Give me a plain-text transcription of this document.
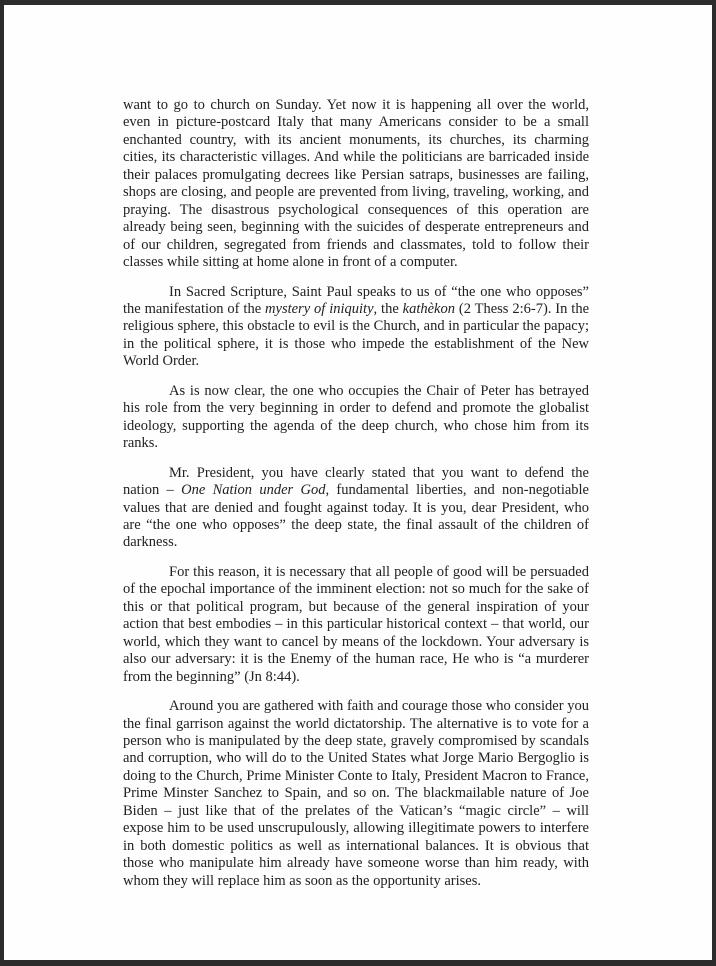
want to go to church on Sunday. Yet now it is happening all over the world, even in picture-postcard Italy that many Americans consider to be a small enchanted country, with its ancient monuments, its churches, its charming cities, its characteristic villages. And while the politicians are barricaded inside their palaces promulgating decrees like Persian satraps, businesses are failing, shops are closing, and people are prevented from living, traveling, working, and praying. The disastrous psychological consequences of this operation are already being seen, beginning with the suicides of desperate entrepreneurs and of our children, segregated from friends and classmates, told to follow their classes while sitting at home alone in front of a computer.

In Sacred Scripture, Saint Paul speaks to us of “the one who opposes” the manifestation of the mystery of iniquity, the kathèkon (2 Thess 2:6-7). In the religious sphere, this obstacle to evil is the Church, and in particular the papacy; in the political sphere, it is those who impede the establishment of the New World Order.

As is now clear, the one who occupies the Chair of Peter has betrayed his role from the very beginning in order to defend and promote the globalist ideology, supporting the agenda of the deep church, who chose him from its ranks.

Mr. President, you have clearly stated that you want to defend the nation – One Nation under God, fundamental liberties, and non-negotiable values that are denied and fought against today. It is you, dear President, who are “the one who opposes” the deep state, the final assault of the children of darkness.

For this reason, it is necessary that all people of good will be persuaded of the epochal importance of the imminent election: not so much for the sake of this or that political program, but because of the general inspiration of your action that best embodies – in this particular historical context – that world, our world, which they want to cancel by means of the lockdown. Your adversary is also our adversary: it is the Enemy of the human race, He who is “a murderer from the beginning” (Jn 8:44).

Around you are gathered with faith and courage those who consider you the final garrison against the world dictatorship. The alternative is to vote for a person who is manipulated by the deep state, gravely compromised by scandals and corruption, who will do to the United States what Jorge Mario Bergoglio is doing to the Church, Prime Minister Conte to Italy, President Macron to France, Prime Minster Sanchez to Spain, and so on. The blackmailable nature of Joe Biden – just like that of the prelates of the Vatican’s “magic circle” – will expose him to be used unscrupulously, allowing illegitimate powers to interfere in both domestic politics as well as international balances. It is obvious that those who manipulate him already have someone worse than him ready, with whom they will replace him as soon as the opportunity arises.
